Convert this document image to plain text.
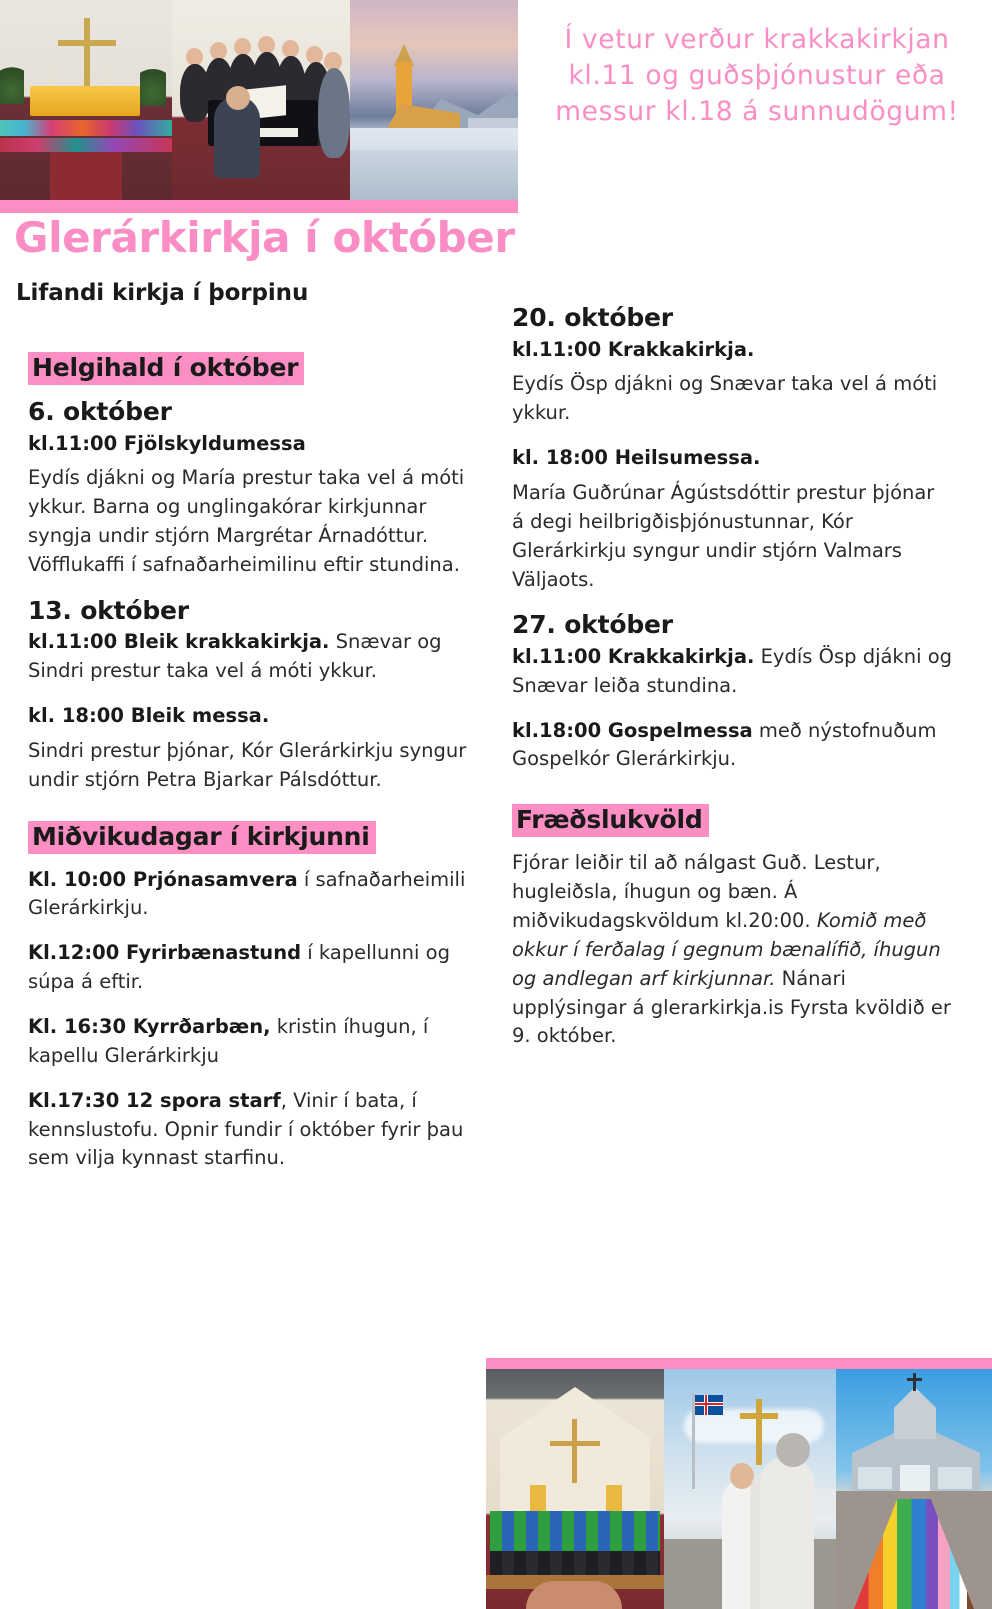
Í vetur verður krakkakirkjan kl.11 og guðsþjónustur eða messur kl.18 á sunnudögum!
Glerárkirkja í október
Lifandi kirkja í þorpinu
Helgihald í október
6. október

kl.11:00 Fjölskyldumessa

Eydís djákni og María prestur taka vel á móti ykkur. Barna og unglingakórar kirkjunnar syngja undir stjórn Margrétar Árnadóttur. Vöfflukaffi í safnaðarheimilinu eftir stundina.

13. október

kl.11:00 Bleik krakkakirkja. Snævar og Sindri prestur taka vel á móti ykkur.

kl. 18:00 Bleik messa.

Sindri prestur þjónar, Kór Glerárkirkju syngur undir stjórn Petra Bjarkar Pálsdóttur.

Miðvikudagar í kirkjunni

Kl. 10:00 Prjónasamvera í safnaðarheimili Glerárkirkju.

Kl.12:00 Fyrirbænastund í kapellunni og súpa á eftir.

Kl. 16:30 Kyrrðarbæn, kristin íhugun, í kapellu Glerárkirkju

Kl.17:30 12 spora starf, Vinir í bata, í kennslustofu. Opnir fundir í október fyrir þau sem vilja kynnast starfinu.

20. október

kl.11:00 Krakkakirkja.

Eydís Ösp djákni og Snævar taka vel á móti ykkur.

kl. 18:00 Heilsumessa.

María Guðrúnar Ágústsdóttir prestur þjónar á degi heilbrigðisþjónustunnar, Kór Glerárkirkju syngur undir stjórn Valmars Väljaots.

27. október

kl.11:00 Krakkakirkja. Eydís Ösp djákni og Snævar leiða stundina.

kl.18:00 Gospelmessa með nýstofnuðum Gospelkór Glerárkirkju.

Fræðslukvöld

Fjórar leiðir til að nálgast Guð. Lestur, hugleiðsla, íhugun og bæn. Á miðvikudagskvöldum kl.20:00. Komið með okkur í ferðalag í gegnum bænalífið, íhugun og andlegan arf kirkjunnar. Nánari upplýsingar á glerarkirkja.is Fyrsta kvöldið er 9. október.
